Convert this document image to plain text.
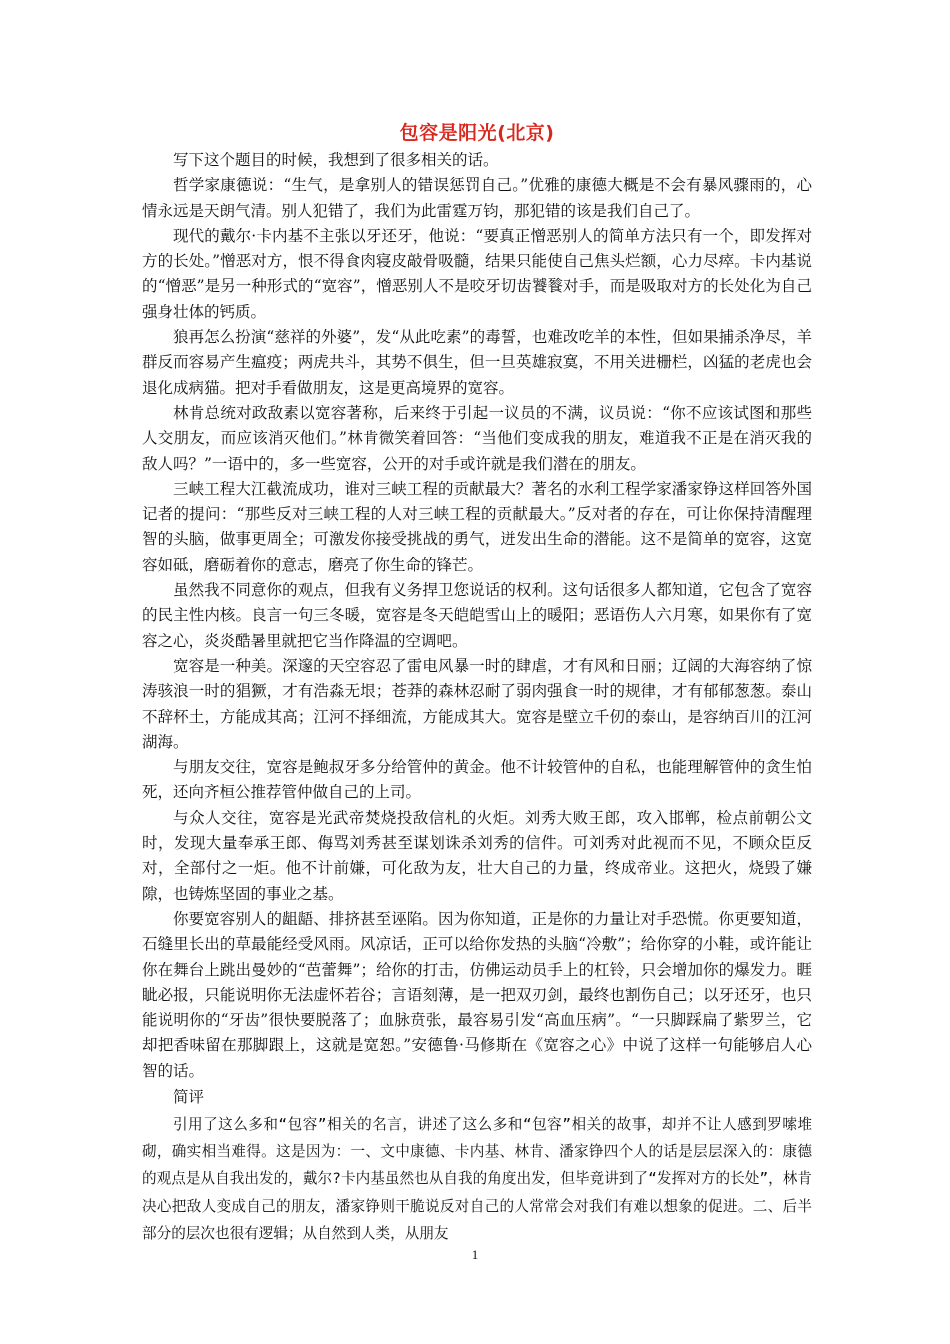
包容是阳光(北京)

写下这个题目的时候，我想到了很多相关的话。

哲学家康德说：“生气，是拿别人的错误惩罚自己。”优雅的康德大概是不会有暴风骤雨的，心情永远是天朗气清。别人犯错了，我们为此雷霆万钧，那犯错的该是我们自己了。

现代的戴尔·卡内基不主张以牙还牙，他说：“要真正憎恶别人的简单方法只有一个，即发挥对方的长处。”憎恶对方，恨不得食肉寝皮敲骨吸髓，结果只能使自己焦头烂额，心力尽瘁。卡内基说的“憎恶”是另一种形式的“宽容”，憎恶别人不是咬牙切齿饕餮对手，而是吸取对方的长处化为自己强身壮体的钙质。

狼再怎么扮演“慈祥的外婆”，发“从此吃素”的毒誓，也难改吃羊的本性，但如果捕杀净尽，羊群反而容易产生瘟疫；两虎共斗，其势不俱生，但一旦英雄寂寞，不用关进栅栏，凶猛的老虎也会退化成病猫。把对手看做朋友，这是更高境界的宽容。

林肯总统对政敌素以宽容著称，后来终于引起一议员的不满，议员说：“你不应该试图和那些人交朋友，而应该消灭他们。”林肯微笑着回答：“当他们变成我的朋友，难道我不正是在消灭我的敌人吗？”一语中的，多一些宽容，公开的对手或许就是我们潜在的朋友。

三峡工程大江截流成功，谁对三峡工程的贡献最大？著名的水利工程学家潘家铮这样回答外国记者的提问：“那些反对三峡工程的人对三峡工程的贡献最大。”反对者的存在，可让你保持清醒理智的头脑，做事更周全；可激发你接受挑战的勇气，迸发出生命的潜能。这不是简单的宽容，这宽容如砥，磨砺着你的意志，磨亮了你生命的锋芒。

虽然我不同意你的观点，但我有义务捍卫您说话的权利。这句话很多人都知道，它包含了宽容的民主性内核。良言一句三冬暖，宽容是冬天皑皑雪山上的暖阳；恶语伤人六月寒，如果你有了宽容之心，炎炎酷暑里就把它当作降温的空调吧。

宽容是一种美。深邃的天空容忍了雷电风暴一时的肆虐，才有风和日丽；辽阔的大海容纳了惊涛骇浪一时的猖獗，才有浩淼无垠；苍莽的森林忍耐了弱肉强食一时的规律，才有郁郁葱葱。泰山不辞杯土，方能成其高；江河不择细流，方能成其大。宽容是壁立千仞的泰山，是容纳百川的江河湖海。

与朋友交往，宽容是鲍叔牙多分给管仲的黄金。他不计较管仲的自私，也能理解管仲的贪生怕死，还向齐桓公推荐管仲做自己的上司。

与众人交往，宽容是光武帝焚烧投敌信札的火炬。刘秀大败王郎，攻入邯郸，检点前朝公文时，发现大量奉承王郎、侮骂刘秀甚至谋划诛杀刘秀的信件。可刘秀对此视而不见，不顾众臣反对，全部付之一炬。他不计前嫌，可化敌为友，壮大自己的力量，终成帝业。这把火，烧毁了嫌隙，也铸炼坚固的事业之基。

你要宽容别人的龃龉、排挤甚至诬陷。因为你知道，正是你的力量让对手恐慌。你更要知道，石缝里长出的草最能经受风雨。风凉话，正可以给你发热的头脑“冷敷”；给你穿的小鞋，或许能让你在舞台上跳出曼妙的“芭蕾舞”；给你的打击，仿佛运动员手上的杠铃，只会增加你的爆发力。睚眦必报，只能说明你无法虚怀若谷；言语刻薄，是一把双刃剑，最终也割伤自己；以牙还牙，也只能说明你的“牙齿”很快要脱落了；血脉贲张，最容易引发“高血压病”。“一只脚踩扁了紫罗兰，它却把香味留在那脚跟上，这就是宽恕。”安德鲁·马修斯在《宽容之心》中说了这样一句能够启人心智的话。

简评

引用了这么多和“包容”相关的名言，讲述了这么多和“包容”相关的故事，却并不让人感到罗嗦堆砌，确实相当难得。这是因为：一、文中康德、卡内基、林肯、潘家铮四个人的话是层层深入的：康德的观点是从自我出发的，戴尔?卡内基虽然也从自我的角度出发，但毕竟讲到了“发挥对方的长处”，林肯决心把敌人变成自己的朋友，潘家铮则干脆说反对自己的人常常会对我们有难以想象的促进。二、后半部分的层次也很有逻辑；从自然到人类，从朋友

1
